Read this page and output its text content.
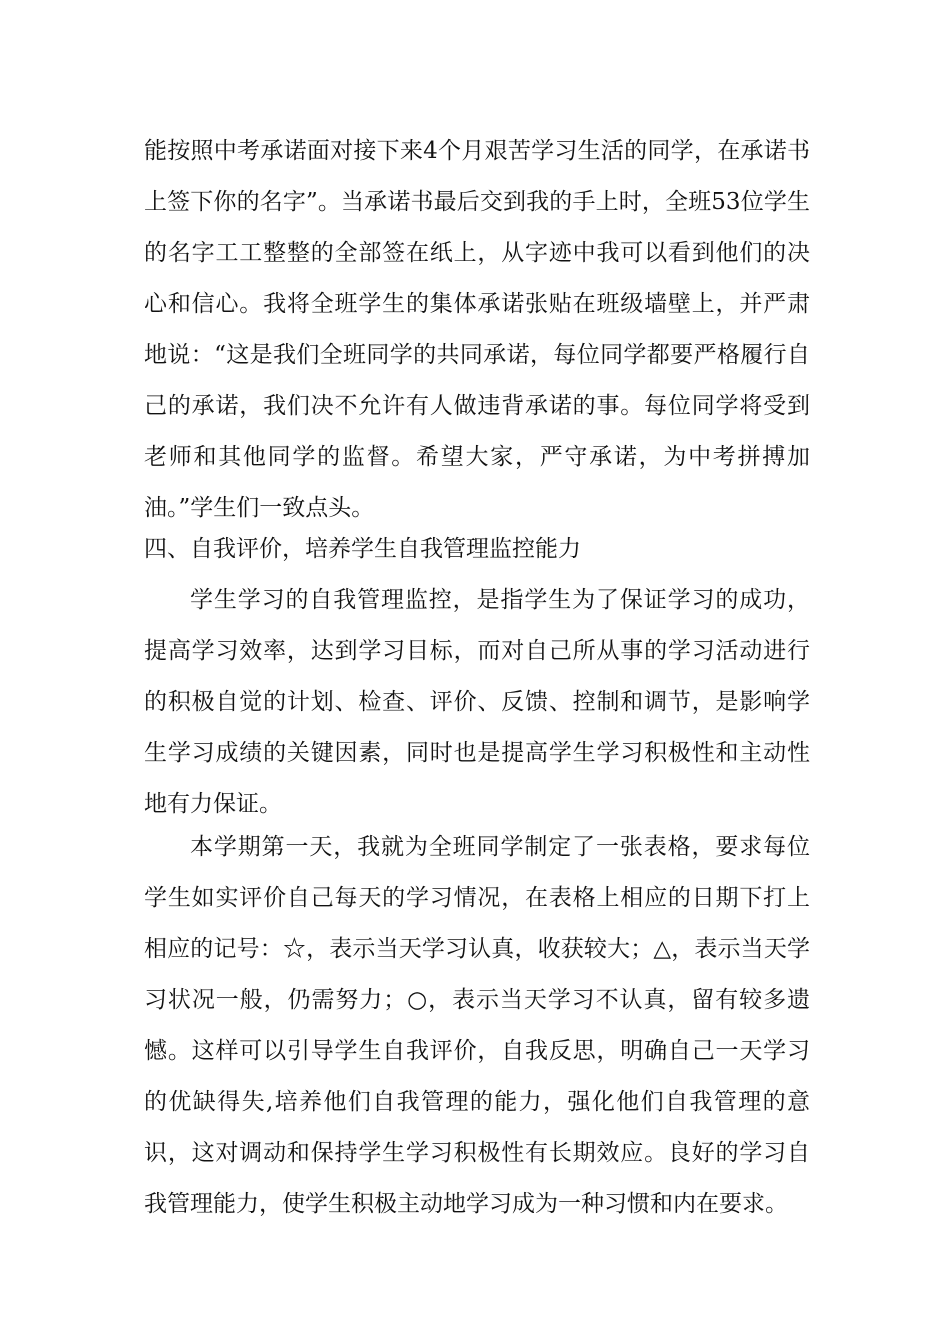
能按照中考承诺面对接下来4个月艰苦学习生活的同学，在承诺书上签下你的名字”。当承诺书最后交到我的手上时，全班53位学生的名字工工整整的全部签在纸上，从字迹中我可以看到他们的决心和信心。我将全班学生的集体承诺张贴在班级墙壁上，并严肃地说：“这是我们全班同学的共同承诺，每位同学都要严格履行自己的承诺，我们决不允许有人做违背承诺的事。每位同学将受到老师和其他同学的监督。希望大家，严守承诺，为中考拼搏加油。”学生们一致点头。

四、自我评价，培养学生自我管理监控能力

学生学习的自我管理监控，是指学生为了保证学习的成功，提高学习效率，达到学习目标，而对自己所从事的学习活动进行的积极自觉的计划、检查、评价、反馈、控制和调节，是影响学生学习成绩的关键因素，同时也是提高学生学习积极性和主动性地有力保证。

本学期第一天，我就为全班同学制定了一张表格，要求每位学生如实评价自己每天的学习情况，在表格上相应的日期下打上相应的记号：☆，表示当天学习认真，收获较大；△，表示当天学习状况一般，仍需努力；○，表示当天学习不认真，留有较多遗憾。这样可以引导学生自我评价，自我反思，明确自己一天学习的优缺得失,培养他们自我管理的能力，强化他们自我管理的意识，这对调动和保持学生学习积极性有长期效应。良好的学习自我管理能力，使学生积极主动地学习成为一种习惯和内在要求。
